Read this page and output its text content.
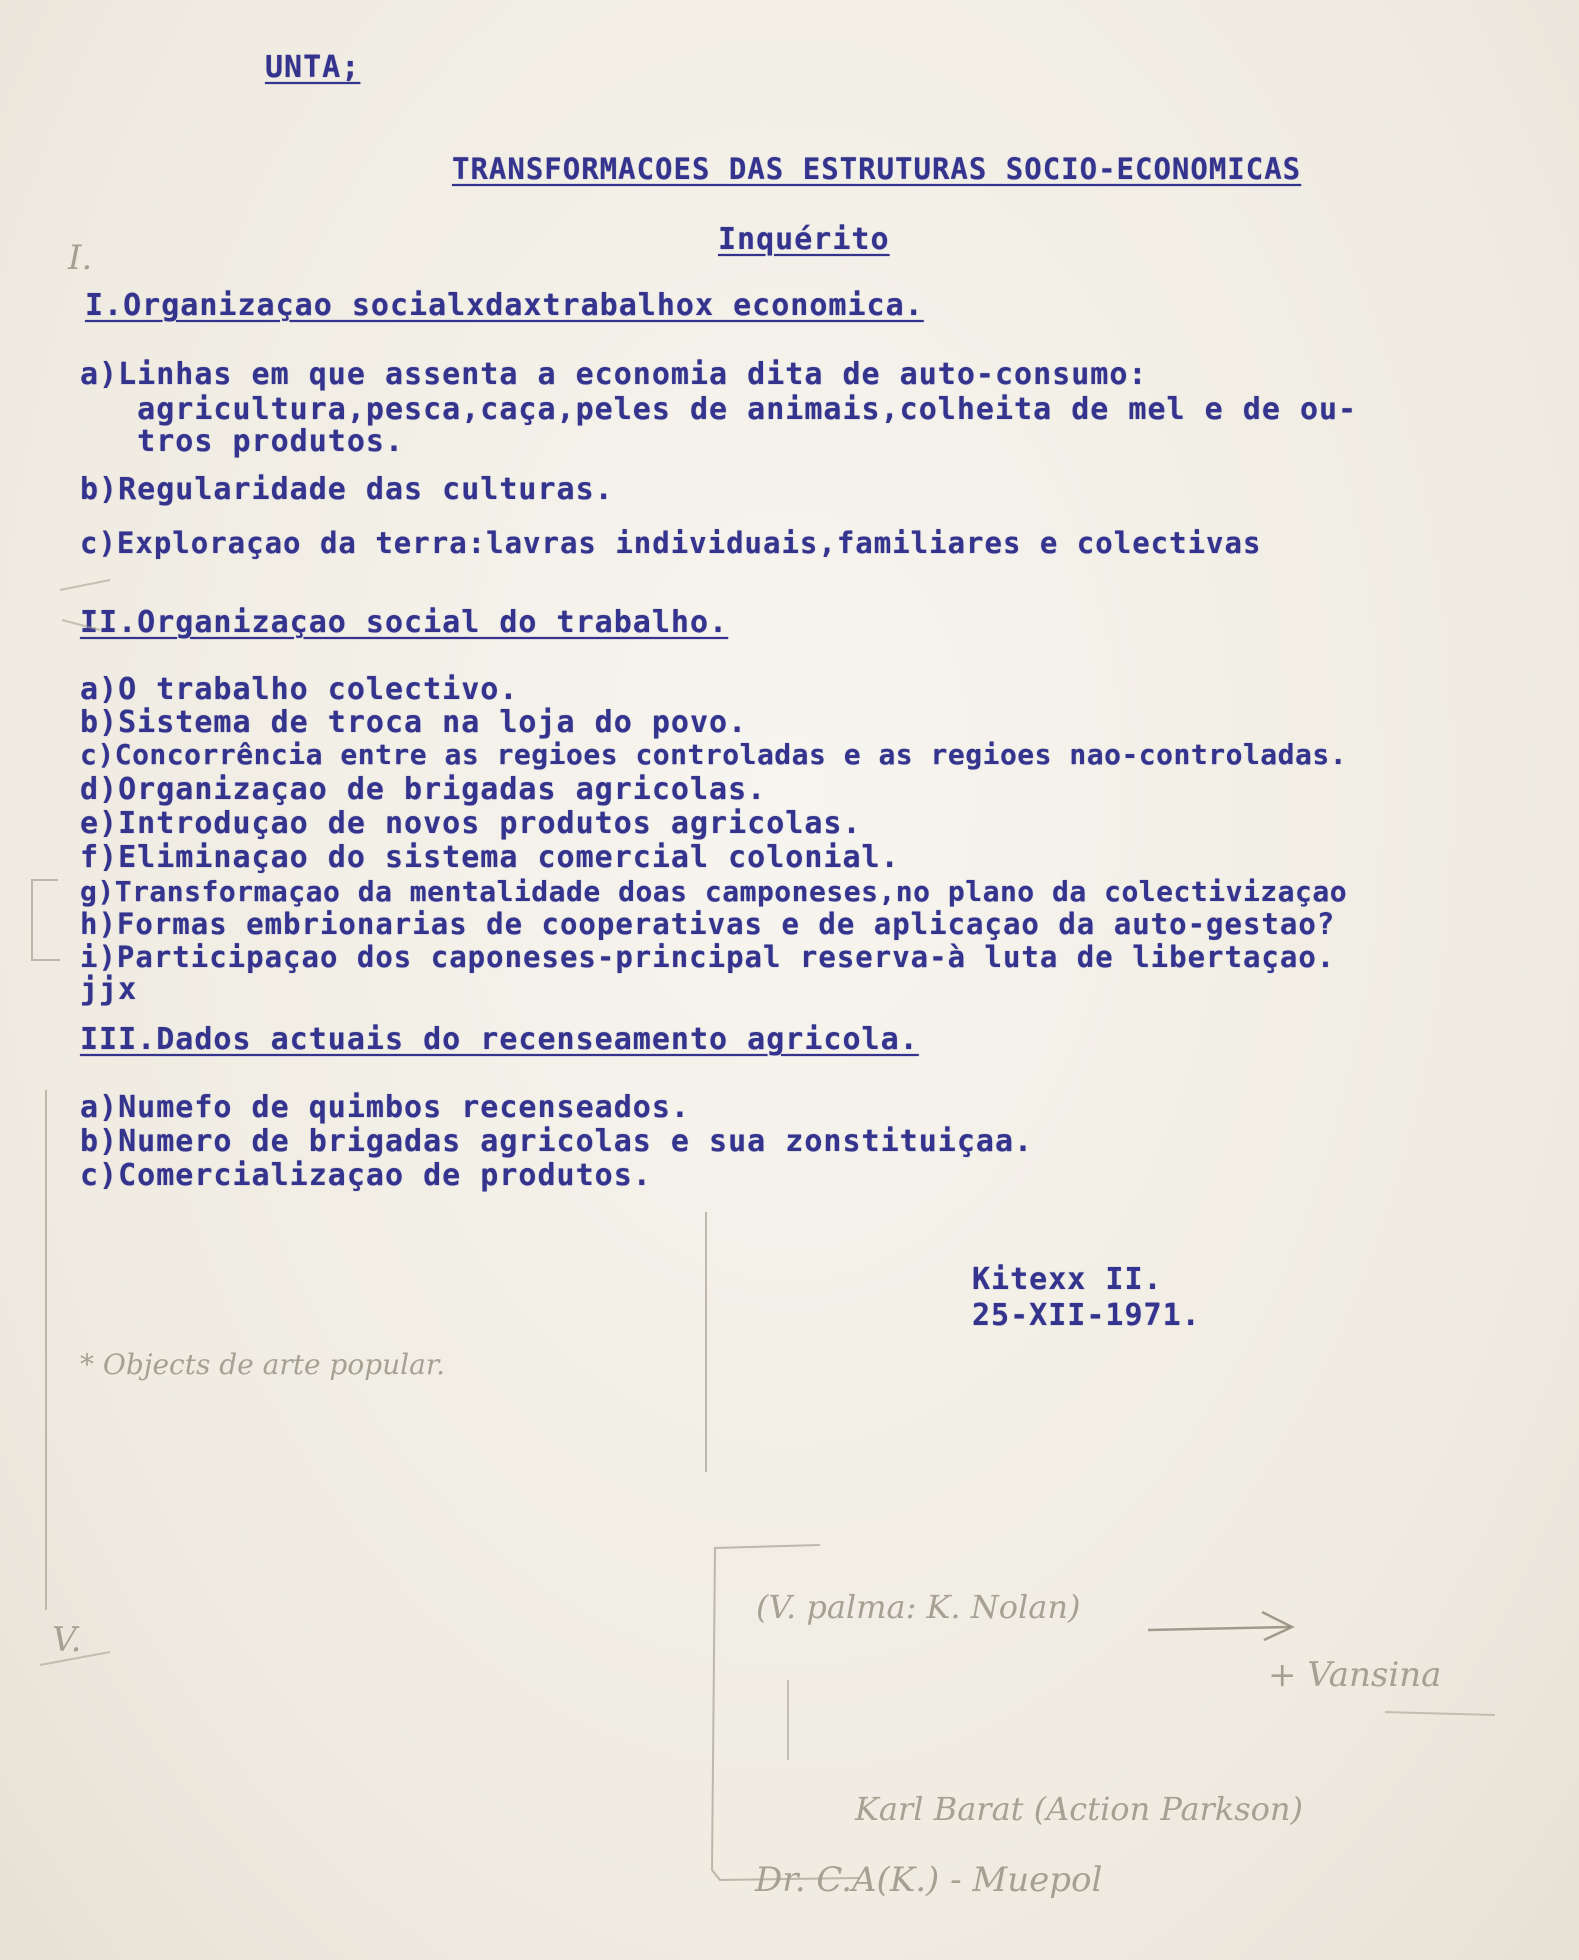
UNTA;
TRANSFORMACOES DAS ESTRUTURAS SOCIO-ECONOMICAS
Inquérito
I.Organizaçao socialxdaxtrabalhox economica.
a)Linhas em que assenta a economia dita de auto-consumo:
agricultura,pesca,caça,peles de animais,colheita de mel e de ou-
tros produtos.
b)Regularidade das culturas.
c)Exploraçao da terra:lavras individuais,familiares e colectivas
II.Organizaçao social do trabalho.
a)O trabalho colectivo.
b)Sistema de troca na loja do povo.
c)Concorrência entre as regioes controladas e as regioes nao-controladas.
d)Organizaçao de brigadas agricolas.
e)Introduçao de novos produtos agricolas.
f)Eliminaçao do sistema comercial colonial.
g)Transformaçao da mentalidade doas camponeses,no plano da colectivizaçao
h)Formas embrionarias de cooperativas e de aplicaçao da auto-gestao?
i)Participaçao dos caponeses-principal reserva-à luta de libertaçao.
jjx
III.Dados actuais do recenseamento agricola.
a)Numefo de quimbos recenseados.
b)Numero de brigadas agricolas e sua zonstituiçaa.
c)Comercializaçao de produtos.
Kitexx II.
25-XII-1971.
I.
V.
* Objects de arte popular.
(V. palma: K. Nolan)
+ Vansina
Karl Barat (Action Parkson)
Dr. C.A(K.) - Muepol
